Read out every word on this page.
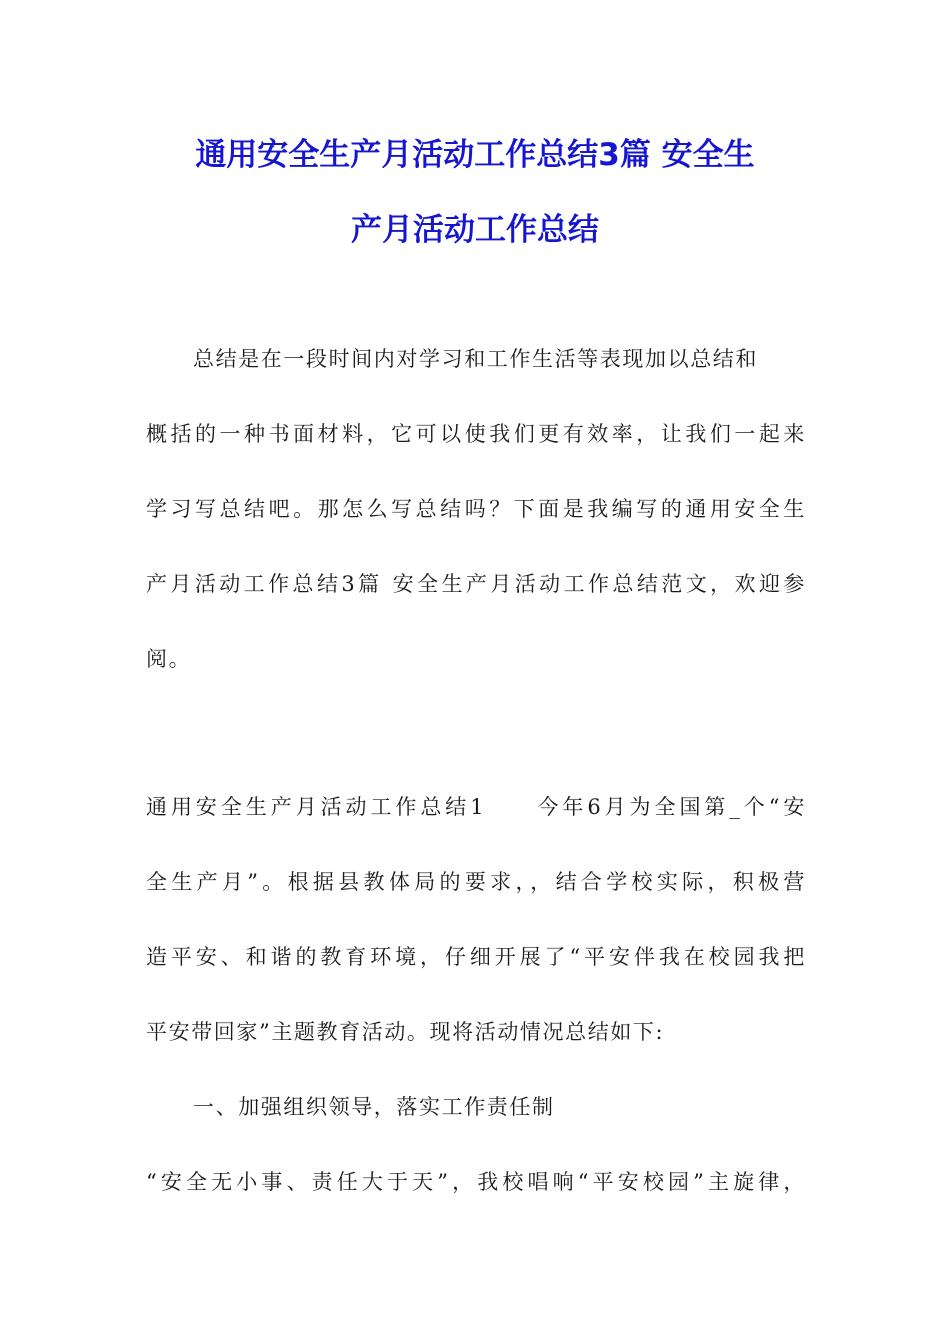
通用安全生产月活动工作总结3篇 安全生
产月活动工作总结
总结是在一段时间内对学习和工作生活等表现加以总结和
概括的一种书面材料，它可以使我们更有效率，让我们一起来
学习写总结吧。那怎么写总结吗？下面是我编写的通用安全生
产月活动工作总结3篇 安全生产月活动工作总结范文，欢迎参
阅。
通用安全生产月活动工作总结1　　今年6月为全国第_个“安
全生产月”。根据县教体局的要求，，结合学校实际，积极营
造平安、和谐的教育环境，仔细开展了“平安伴我在校园我把
平安带回家”主题教育活动。现将活动情况总结如下:
一、加强组织领导，落实工作责任制
“安全无小事、责任大于天”，我校唱响“平安校园”主旋律，
